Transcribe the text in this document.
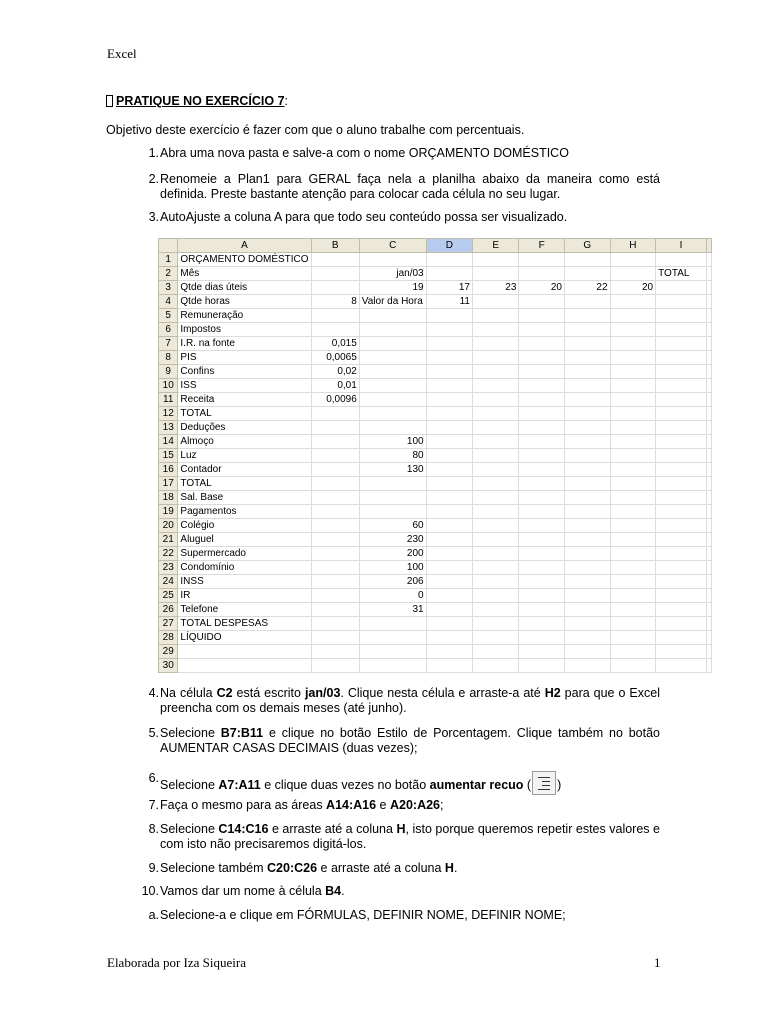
Excel
PRATIQUE NO EXERCÍCIO 7:
Objetivo deste exercício é fazer com que o aluno trabalhe com percentuais.
1. Abra uma nova pasta e salve-a com o nome ORÇAMENTO DOMÉSTICO
2. Renomeie a Plan1 para GERAL faça nela a planilha abaixo da maneira como está definida. Preste bastante atenção para colocar cada célula no seu lugar.
3. AutoAjuste a coluna A para que todo seu conteúdo possa ser visualizado.
	A	B	C	D	E	F	G	H	I	
1	ORÇAMENTO DOMÉSTICO									
2	Mês		jan/03						TOTAL	
3	Qtde dias úteis		19	17	23	20	22	20		
4	Qtde horas	8	Valor da Hora	11						
5	Remuneração									
6	Impostos									
7	I.R. na fonte	0,015								
8	PIS	0,0065								
9	Confins	0,02								
10	ISS	0,01								
11	Receita	0,0096								
12	TOTAL									
13	Deduções									
14	Almoço		100							
15	Luz		80							
16	Contador		130							
17	TOTAL									
18	Sal. Base									
19	Pagamentos									
20	Colégio		60							
21	Aluguel		230							
22	Supermercado		200							
23	Condomínio		100							
24	INSS		206							
25	IR		0							
26	Telefone		31							
27	TOTAL DESPESAS									
28	LÍQUIDO									
29										
30										
4. Na célula C2 está escrito jan/03. Clique nesta célula e arraste-a até H2 para que o Excel preencha com os demais meses (até junho).
5. Selecione B7:B11 e clique no botão Estilo de Porcentagem. Clique também no botão AUMENTAR CASAS DECIMAIS (duas vezes);
6. Selecione A7:A11 e clique duas vezes no botão aumentar recuo ( )
7. Faça o mesmo para as áreas A14:A16 e A20:A26;
8. Selecione C14:C16 e arraste até a coluna H, isto porque queremos repetir estes valores e com isto não precisaremos digitá-los.
9. Selecione também C20:C26 e arraste até a coluna H.
10. Vamos dar um nome à célula B4.
a. Selecione-a e clique em FÓRMULAS, DEFINIR NOME, DEFINIR NOME;
Elaborada por Iza Siqueira	1
